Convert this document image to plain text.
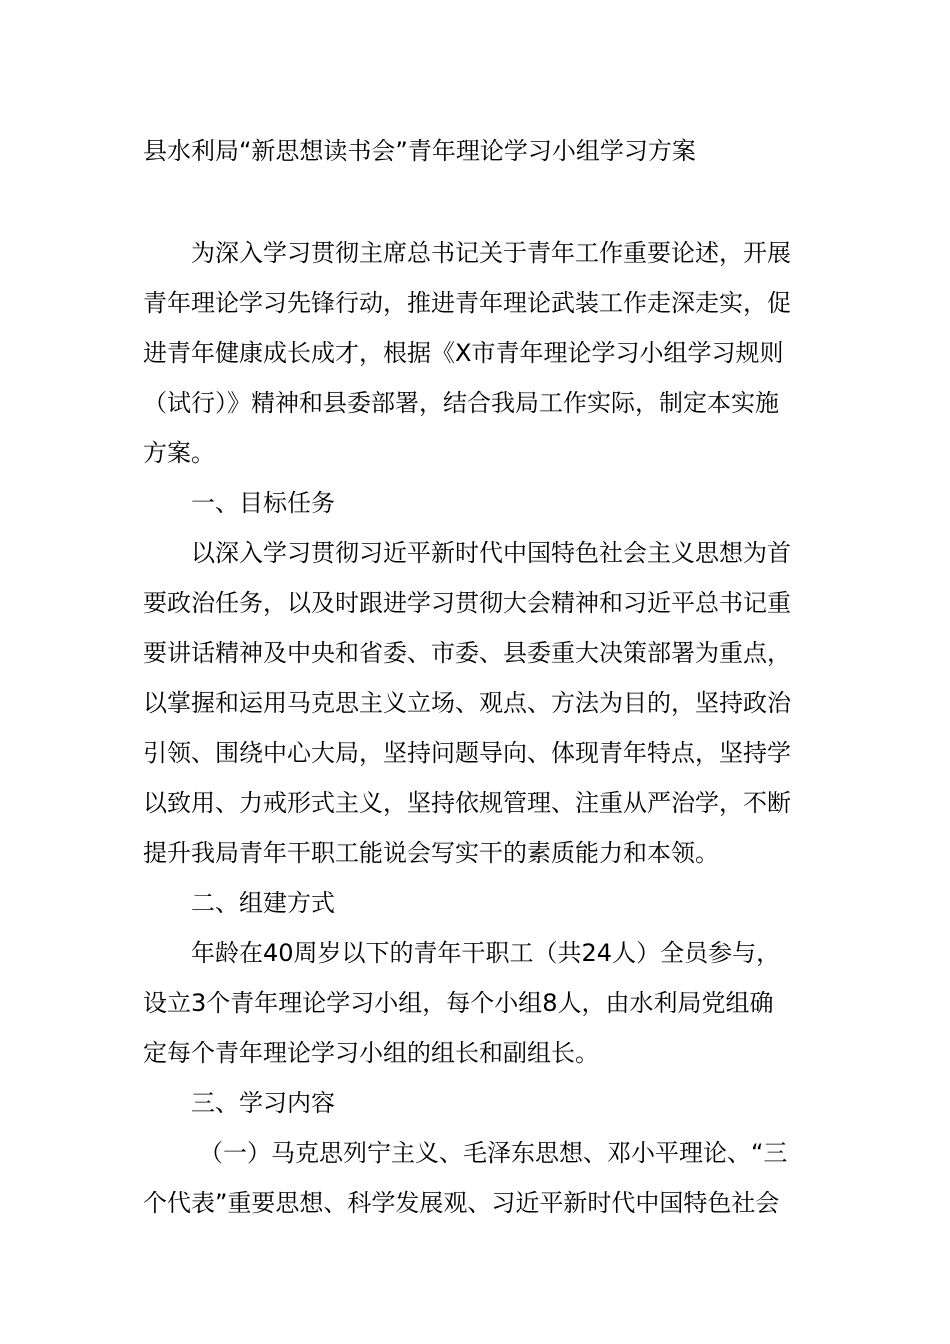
县水利局“新思想读书会”青年理论学习小组学习方案
为深入学习贯彻主席总书记关于青年工作重要论述，开展
青年理论学习先锋行动，推进青年理论武装工作走深走实，促
进青年健康成长成才，根据《X市青年理论学习小组学习规则
（试行）》精神和县委部署，结合我局工作实际，制定本实施
方案。
一、目标任务
以深入学习贯彻习近平新时代中国特色社会主义思想为首
要政治任务，以及时跟进学习贯彻大会精神和习近平总书记重
要讲话精神及中央和省委、市委、县委重大决策部署为重点，
以掌握和运用马克思主义立场、观点、方法为目的，坚持政治
引领、围绕中心大局，坚持问题导向、体现青年特点，坚持学
以致用、力戒形式主义，坚持依规管理、注重从严治学，不断
提升我局青年干职工能说会写实干的素质能力和本领。
二、组建方式
年龄在40周岁以下的青年干职工（共24人）全员参与，
设立3个青年理论学习小组，每个小组8人，由水利局党组确
定每个青年理论学习小组的组长和副组长。
三、学习内容
（一）马克思列宁主义、毛泽东思想、邓小平理论、“三
个代表”重要思想、科学发展观、习近平新时代中国特色社会
